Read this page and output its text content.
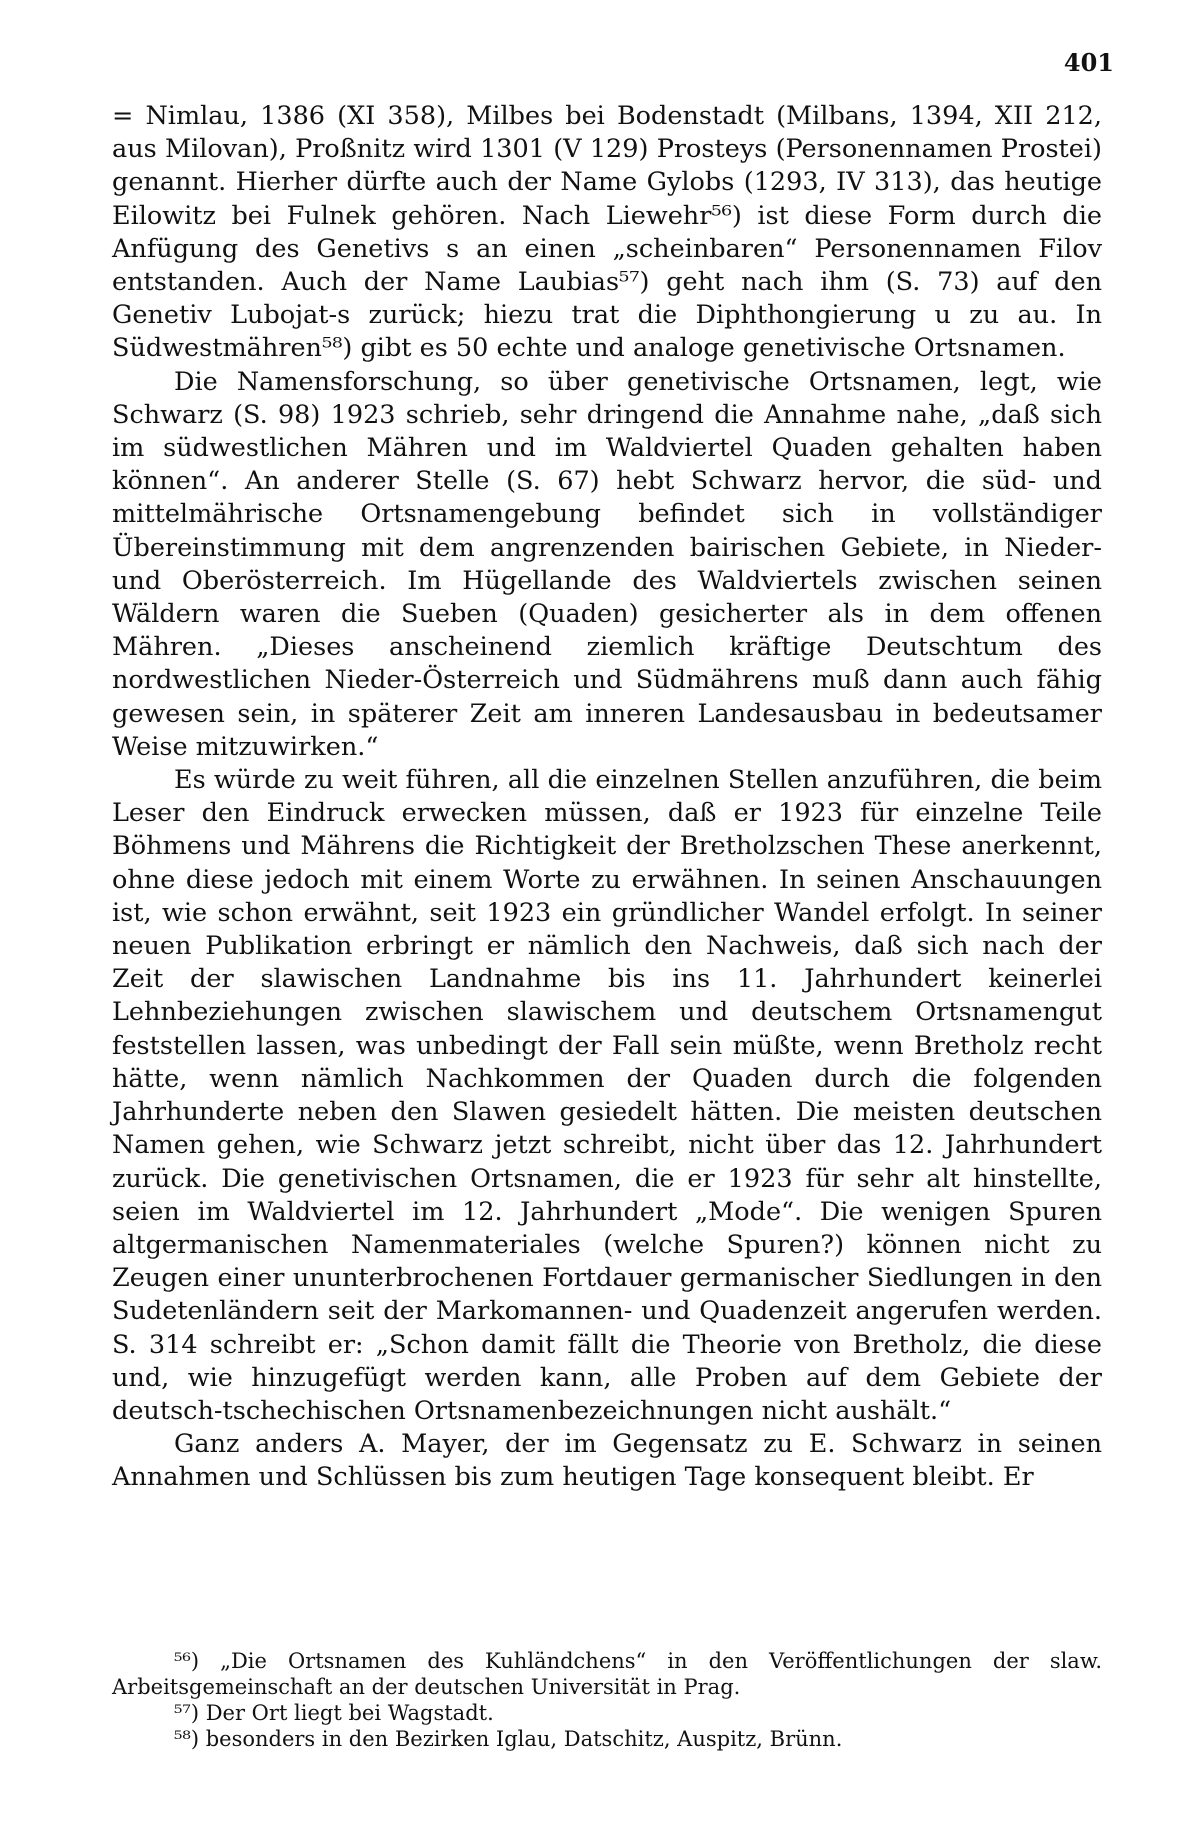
401

= Nimlau, 1386 (XI 358), Milbes bei Bodenstadt (Milbans, 1394, XII 212, aus Milovan), Proßnitz wird 1301 (V 129) Prosteys (Personennamen Prostei) genannt. Hierher dürfte auch der Name Gylobs (1293, IV 313), das heutige Eilowitz bei Fulnek gehören. Nach Liewehr⁵⁶) ist diese Form durch die Anfügung des Genetivs s an einen „scheinbaren“ Personennamen Filov entstanden. Auch der Name Laubias⁵⁷) geht nach ihm (S. 73) auf den Genetiv Lubojat-s zurück; hiezu trat die Diphthongierung u zu au. In Südwestmähren⁵⁸) gibt es 50 echte und analoge genetivische Ortsnamen.

Die Namensforschung, so über genetivische Ortsnamen, legt, wie Schwarz (S. 98) 1923 schrieb, sehr dringend die Annahme nahe, „daß sich im südwestlichen Mähren und im Waldviertel Quaden gehalten haben können“. An anderer Stelle (S. 67) hebt Schwarz hervor, die süd- und mittelmährische Ortsnamengebung befindet sich in vollständiger Übereinstimmung mit dem angrenzenden bairischen Gebiete, in Nieder- und Oberösterreich. Im Hügellande des Waldviertels zwischen seinen Wäldern waren die Sueben (Quaden) gesicherter als in dem offenen Mähren. „Dieses anscheinend ziemlich kräftige Deutschtum des nordwestlichen Nieder-Österreich und Südmährens muß dann auch fähig gewesen sein, in späterer Zeit am inneren Landesausbau in bedeutsamer Weise mitzuwirken.“

Es würde zu weit führen, all die einzelnen Stellen anzuführen, die beim Leser den Eindruck erwecken müssen, daß er 1923 für einzelne Teile Böhmens und Mährens die Richtigkeit der Bretholzschen These anerkennt, ohne diese jedoch mit einem Worte zu erwähnen. In seinen Anschauungen ist, wie schon erwähnt, seit 1923 ein gründlicher Wandel erfolgt. In seiner neuen Publikation erbringt er nämlich den Nachweis, daß sich nach der Zeit der slawischen Landnahme bis ins 11. Jahrhundert keinerlei Lehnbeziehungen zwischen slawischem und deutschem Ortsnamengut feststellen lassen, was unbedingt der Fall sein müßte, wenn Bretholz recht hätte, wenn nämlich Nachkommen der Quaden durch die folgenden Jahrhunderte neben den Slawen gesiedelt hätten. Die meisten deutschen Namen gehen, wie Schwarz jetzt schreibt, nicht über das 12. Jahrhundert zurück. Die genetivischen Ortsnamen, die er 1923 für sehr alt hinstellte, seien im Waldviertel im 12. Jahrhundert „Mode“. Die wenigen Spuren altgermanischen Namenmateriales (welche Spuren?) können nicht zu Zeugen einer ununterbrochenen Fortdauer germanischer Siedlungen in den Sudetenländern seit der Markomannen- und Quadenzeit angerufen werden. S. 314 schreibt er: „Schon damit fällt die Theorie von Bretholz, die diese und, wie hinzugefügt werden kann, alle Proben auf dem Gebiete der deutsch-tschechischen Ortsnamenbezeichnungen nicht aushält.“

Ganz anders A. Mayer, der im Gegensatz zu E. Schwarz in seinen Annahmen und Schlüssen bis zum heutigen Tage konsequent bleibt. Er

⁵⁶) „Die Ortsnamen des Kuhländchens“ in den Veröffentlichungen der slaw. Arbeitsgemeinschaft an der deutschen Universität in Prag.

⁵⁷) Der Ort liegt bei Wagstadt.

⁵⁸) besonders in den Bezirken Iglau, Datschitz, Auspitz, Brünn.
